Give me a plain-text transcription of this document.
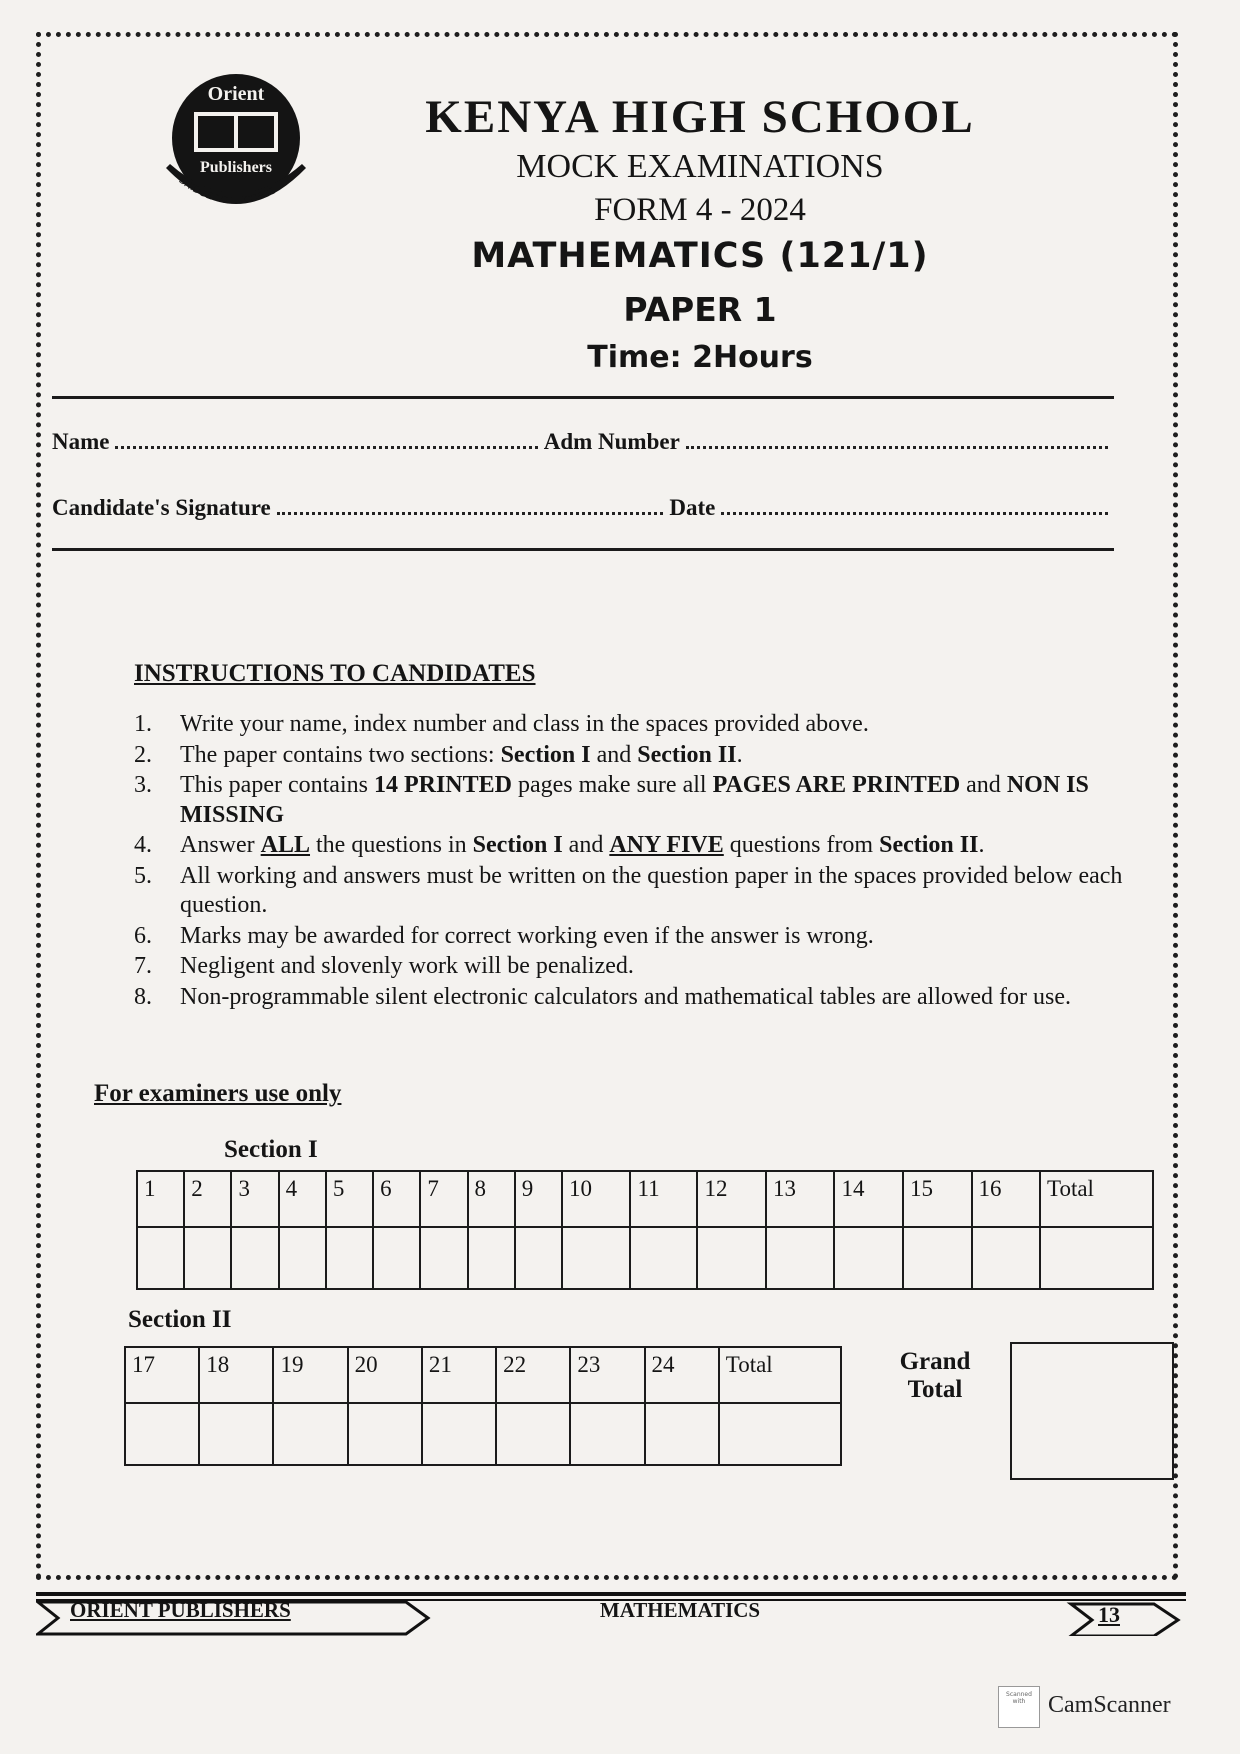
Orient
Publishers
BRIDGE TO SUCCESS
KENYA HIGH SCHOOL
MOCK EXAMINATIONS
FORM 4 - 2024
MATHEMATICS (121/1)
PAPER 1
Time: 2Hours
Name	Adm Number
Candidate's Signature	Date
INSTRUCTIONS TO CANDIDATES
1.	Write your name, index number and class in the spaces provided above.
2.	The paper contains two sections: Section I and Section II.
3.	This paper contains 14 PRINTED pages make sure all PAGES ARE PRINTED and NON IS MISSING
4.	Answer ALL the questions in Section I and ANY FIVE questions from Section II.
5.	All working and answers must be written on the question paper in the spaces provided below each question.
6.	Marks may be awarded for correct working even if the answer is wrong.
7.	Negligent and slovenly work will be penalized.
8.	Non-programmable silent electronic calculators and mathematical tables are allowed for use.
For examiners use only
Section I
1	2	3	4	5	6	7	8	9	10	11	12	13	14	15	16	Total

Section II
17	18	19	20	21	22	23	24	Total
									Grand
Total
ORIENT PUBLISHERS	MATHEMATICS	13
Scanned with CamScanner
